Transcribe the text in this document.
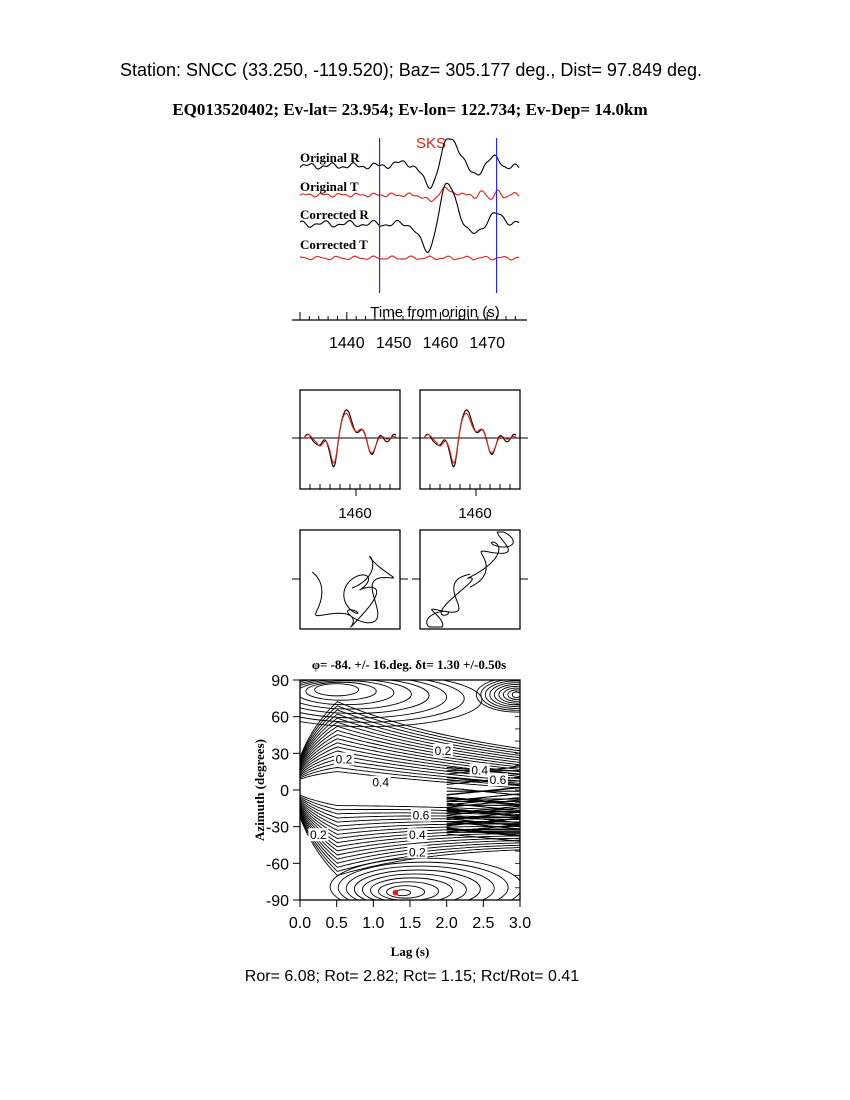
Station: SNCC (33.250, -119.520); Baz= 305.177 deg., Dist= 97.849 deg.
EQ013520402; Ev-lat= 23.954; Ev-lon= 122.734; Ev-Dep= 14.0km
SKS
Original R
Original T
Corrected R
Corrected T
Time from origin (s)
1440 1450 1460 1470
1460	1460
φ= -84. +/- 16.deg. δt= 1.30 +/-0.50s
0.0 0.5 1.0 1.5 2.0 2.5 3.0
90
60
30
0
-30
-60
-90
0.2
0.2
0.4
0.4
0.6
0.6
0.4
0.2
0.2
Lag (s)
Azimuth (degrees)
Ror= 6.08; Rot= 2.82; Rct= 1.15; Rct/Rot= 0.41
